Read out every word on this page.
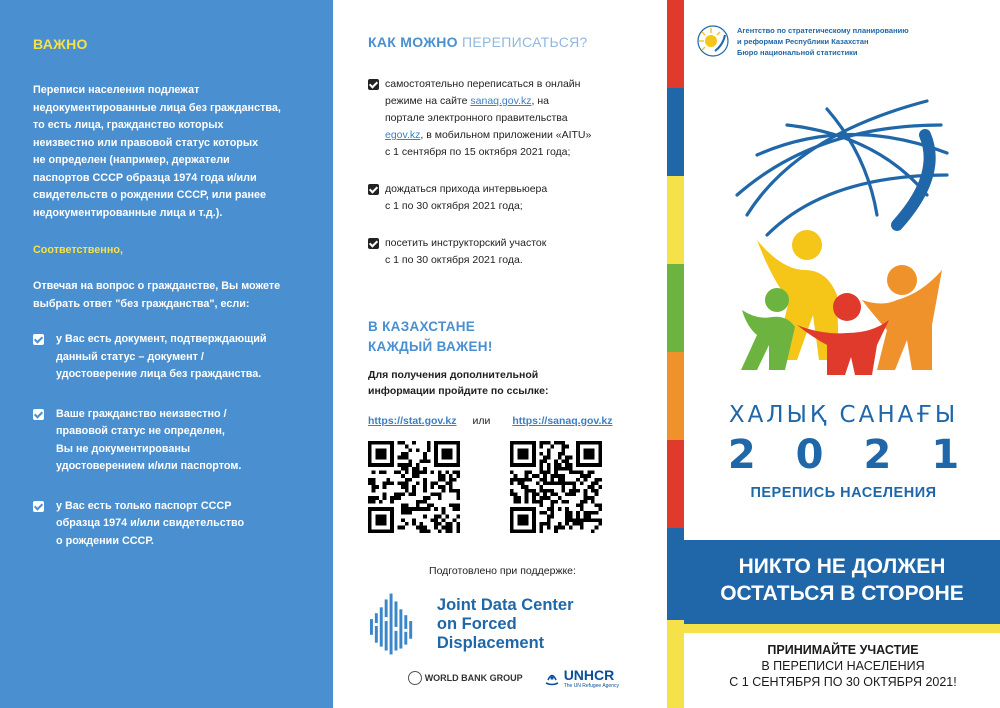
ВАЖНО
Переписи населения подлежат
недокументированные лица без гражданства,
то есть лица, гражданство которых
неизвестно или правовой статус которых
не определен (например, держатели
паспортов СССР образца 1974 года и/или
свидетельств о рождении СССР, или ранее
недокументированные лица и т.д.).
Соответственно,
Отвечая на вопрос о гражданстве, Вы можете
выбрать ответ "без гражданства", если:
у Вас есть документ, подтверждающий
данный статус – документ /
удостоверение лица без гражданства.
Ваше гражданство неизвестно /
правовой статус не определен,
Вы не документированы
удостоверением и/или паспортом.
у Вас есть только паспорт СССР
образца 1974 и/или свидетельство
о рождении СССР.
КАК МОЖНО ПЕРЕПИСАТЬСЯ?
самостоятельно переписаться в онлайн
режиме на сайте sanaq.gov.kz, на
портале электронного правительства
egov.kz, в мобильном приложении «AITU»
с 1 сентября по 15 октября 2021 года;
дождаться прихода интервьюера
с 1 по 30 октября 2021 года;
посетить инструкторский участок
с 1 по 30 октября 2021 года.
В КАЗАХСТАНЕ
КАЖДЫЙ ВАЖЕН!
Для получения дополнительной
информации пройдите по ссылке:
https://stat.gov.kz или https://sanaq.gov.kz
Подготовлено при поддержке:
Joint Data Center
on Forced Displacement
WORLD BANK GROUP	UNHCR
The UN Refugee Agency
Агентство по стратегическому планированию
и реформам Республики Казахстан
Бюро национальной статистики
ХАЛЫҚ САНАҒЫ
2021
ПЕРЕПИСЬ НАСЕЛЕНИЯ
НИКТО НЕ ДОЛЖЕН
ОСТАТЬСЯ В СТОРОНЕ
ПРИНИМАЙТЕ УЧАСТИЕ
В ПЕРЕПИСИ НАСЕЛЕНИЯ
С 1 СЕНТЯБРЯ ПО 30 ОКТЯБРЯ 2021!
